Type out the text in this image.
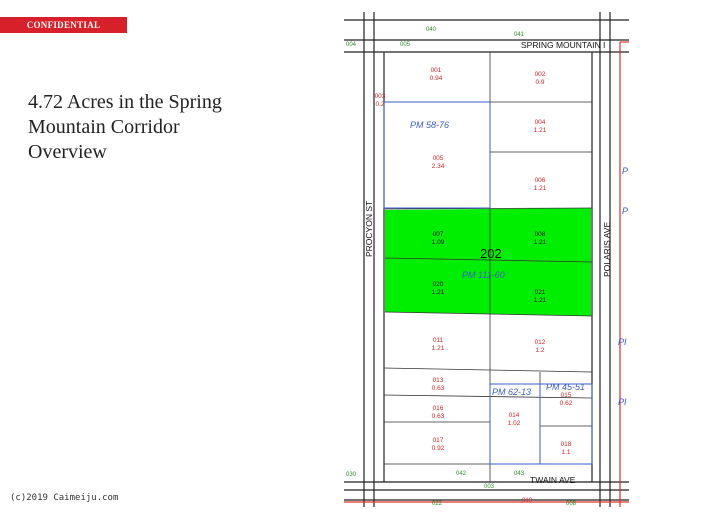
CONFIDENTIAL
4.72 Acres in the Spring
Mountain Corridor
Overview
(c)2019 Caimeiju.com
SPRING MOUNTAIN I
TWAIN AVE
PROCYON ST	POLARIS AVE
202
PM 58-76
PM 111-60
PM 62-13 PM 45-51
001
0.94
002
0.9
003
0.2
004
1.21
005
2.34
006
1.21
007
1.09
008
1.21
020
1.21	021
1.21
011
1.21
012
1.2
013
0.63
015
0.62
016
0.63	014
1.02
018
1.1
017
0.92
040
041
004	005
042	043
003
022
030
008
019
P
P
PI
PI
